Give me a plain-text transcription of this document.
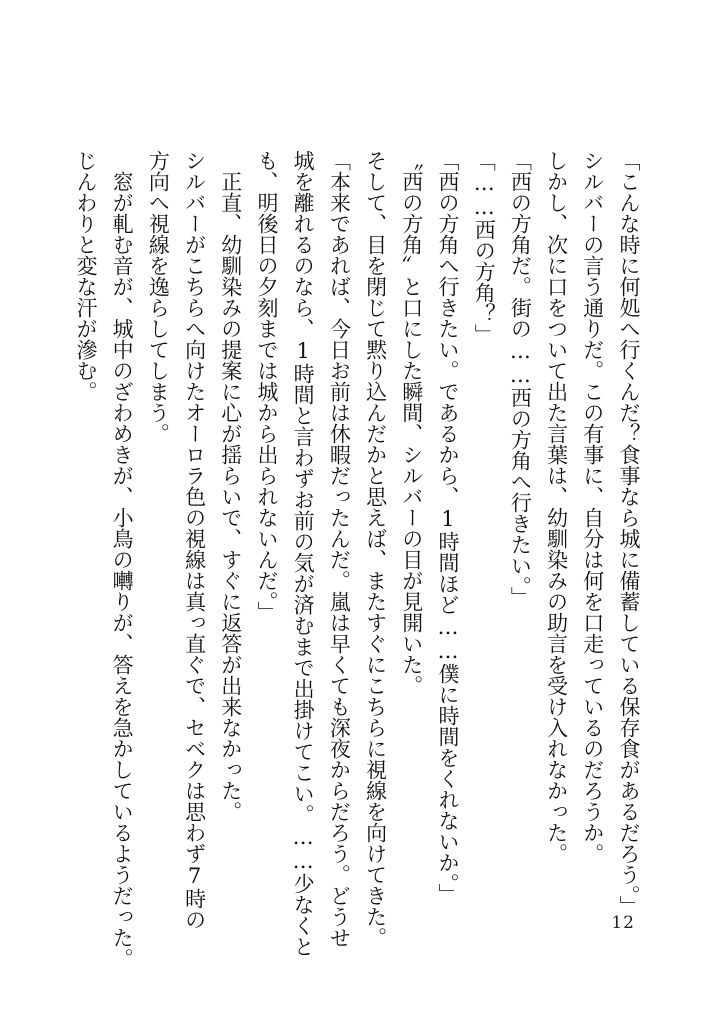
「こんな時に何処へ行くんだ？食事なら城に備蓄している保存食があるだろう。」
シルバーの言う通りだ。この有事に、自分は何を口走っているのだろうか。
しかし、次に口をついて出た言葉は、幼馴染みの助言を受け入れなかった。
「西の方角だ。街の……西の方角へ行きたい。」
「……西の方角？」
「西の方角へ行きたい。であるから、1時間ほど……僕に時間をくれないか。」
〝西の方角〟と口にした瞬間、シルバーの目が見開いた。
そして、目を閉じて黙り込んだかと思えば、またすぐにこちらに視線を向けてきた。
「本来であれば、今日お前は休暇だったんだ。嵐は早くても深夜からだろう。どうせ
城を離れるのなら、1時間と言わずお前の気が済むまで出掛けてこい。……少なくと
も、明後日の夕刻までは城から出られないんだ。」
　正直、幼馴染みの提案に心が揺らいで、すぐに返答が出来なかった。
シルバーがこちらへ向けたオーロラ色の視線は真っ直ぐで、セベクは思わず7時の
方向へ視線を逸らしてしまう。
　窓が軋む音が、城中のざわめきが、小鳥の囀りが、答えを急かしているようだった。
じんわりと変な汗が滲む。
12
